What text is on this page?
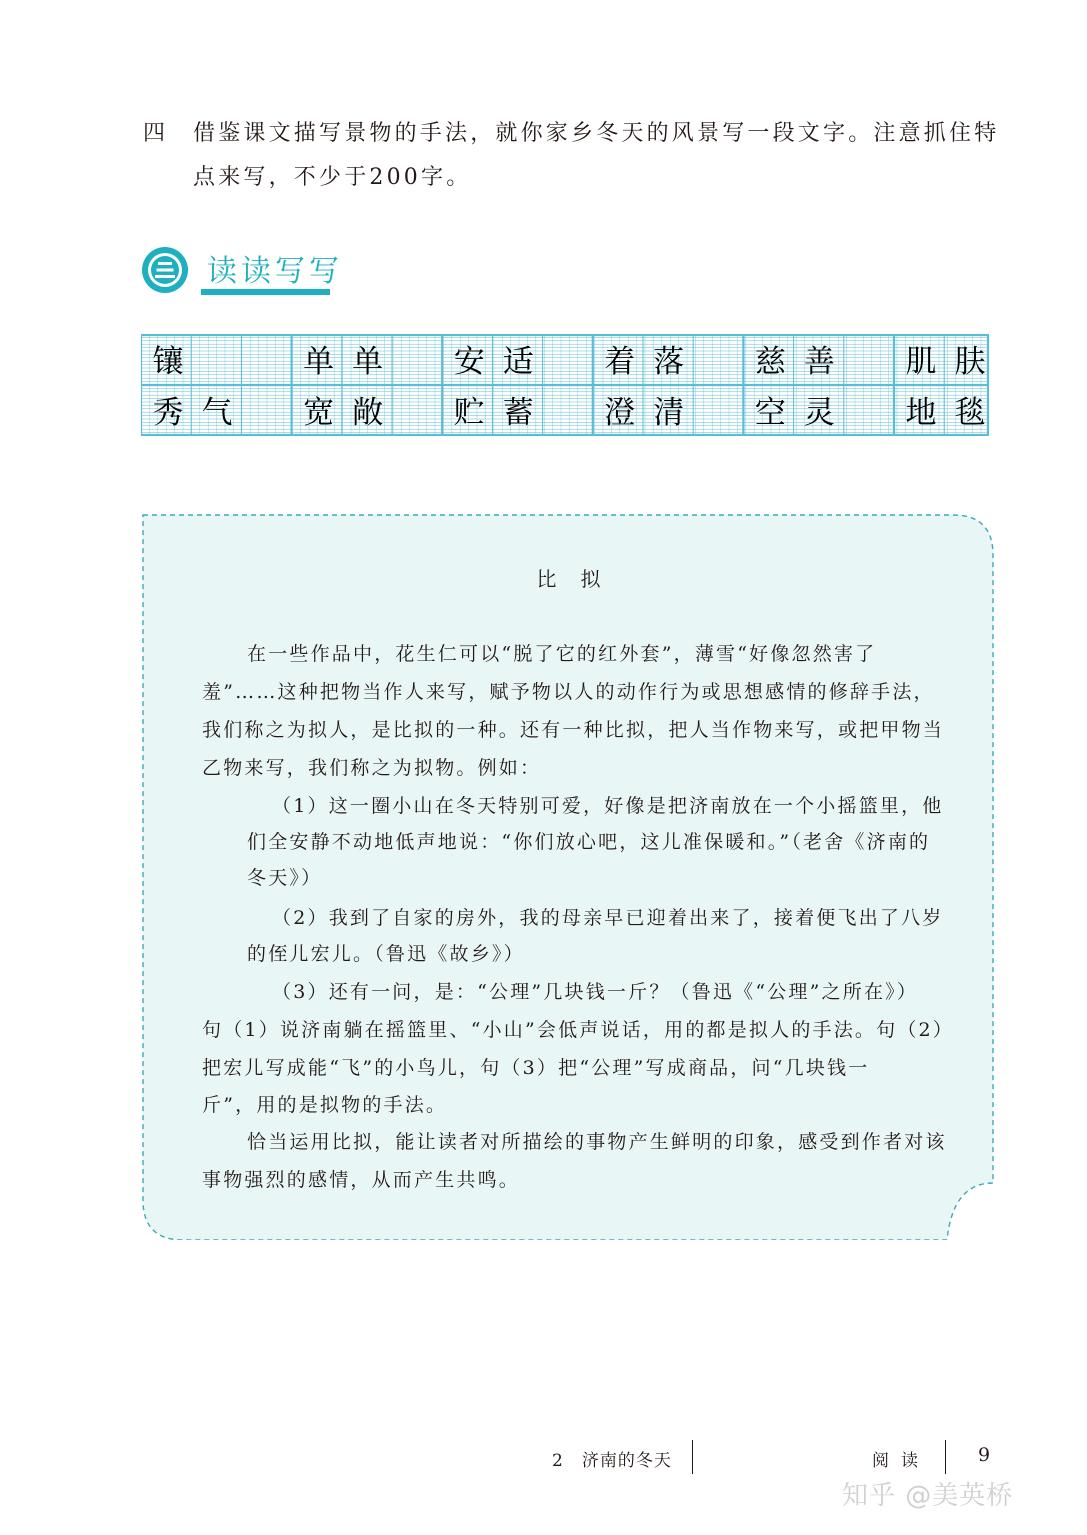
四 借鉴课文描写景物的手法，就你家乡冬天的风景写一段文字。注意抓住特
点来写，不少于200字。
读读写写
镶	单 单 安 适 着 落 慈 善 肌 肤
秀 气 宽 敞 贮 蓄 澄 清 空 灵 地 毯
比拟
在一些作品中，花生仁可以“脱了它的红外套”，薄雪“好像忽然害了
羞”……这种把物当作人来写，赋予物以人的动作行为或思想感情的修辞手法，
我们称之为拟人，是比拟的一种。还有一种比拟，把人当作物来写，或把甲物当
乙物来写，我们称之为拟物。例如：
（1）这一圈小山在冬天特别可爱，好像是把济南放在一个小摇篮里，他
们全安静不动地低声地说：“你们放心吧，这儿准保暖和。”（老舍《济南的
冬天》）
（2）我到了自家的房外，我的母亲早已迎着出来了，接着便飞出了八岁
的侄儿宏儿。（鲁迅《故乡》）
（3）还有一问，是：“公理”几块钱一斤？（鲁迅《“公理”之所在》）
句（1）说济南躺在摇篮里、“小山”会低声说话，用的都是拟人的手法。句（2）
把宏儿写成能“飞”的小鸟儿，句（3）把“公理”写成商品，问“几块钱一
斤”，用的是拟物的手法。
恰当运用比拟，能让读者对所描绘的事物产生鲜明的印象，感受到作者对该
事物强烈的感情，从而产生共鸣。
2　济南的冬天	阅读	9
知乎 @美英桥
